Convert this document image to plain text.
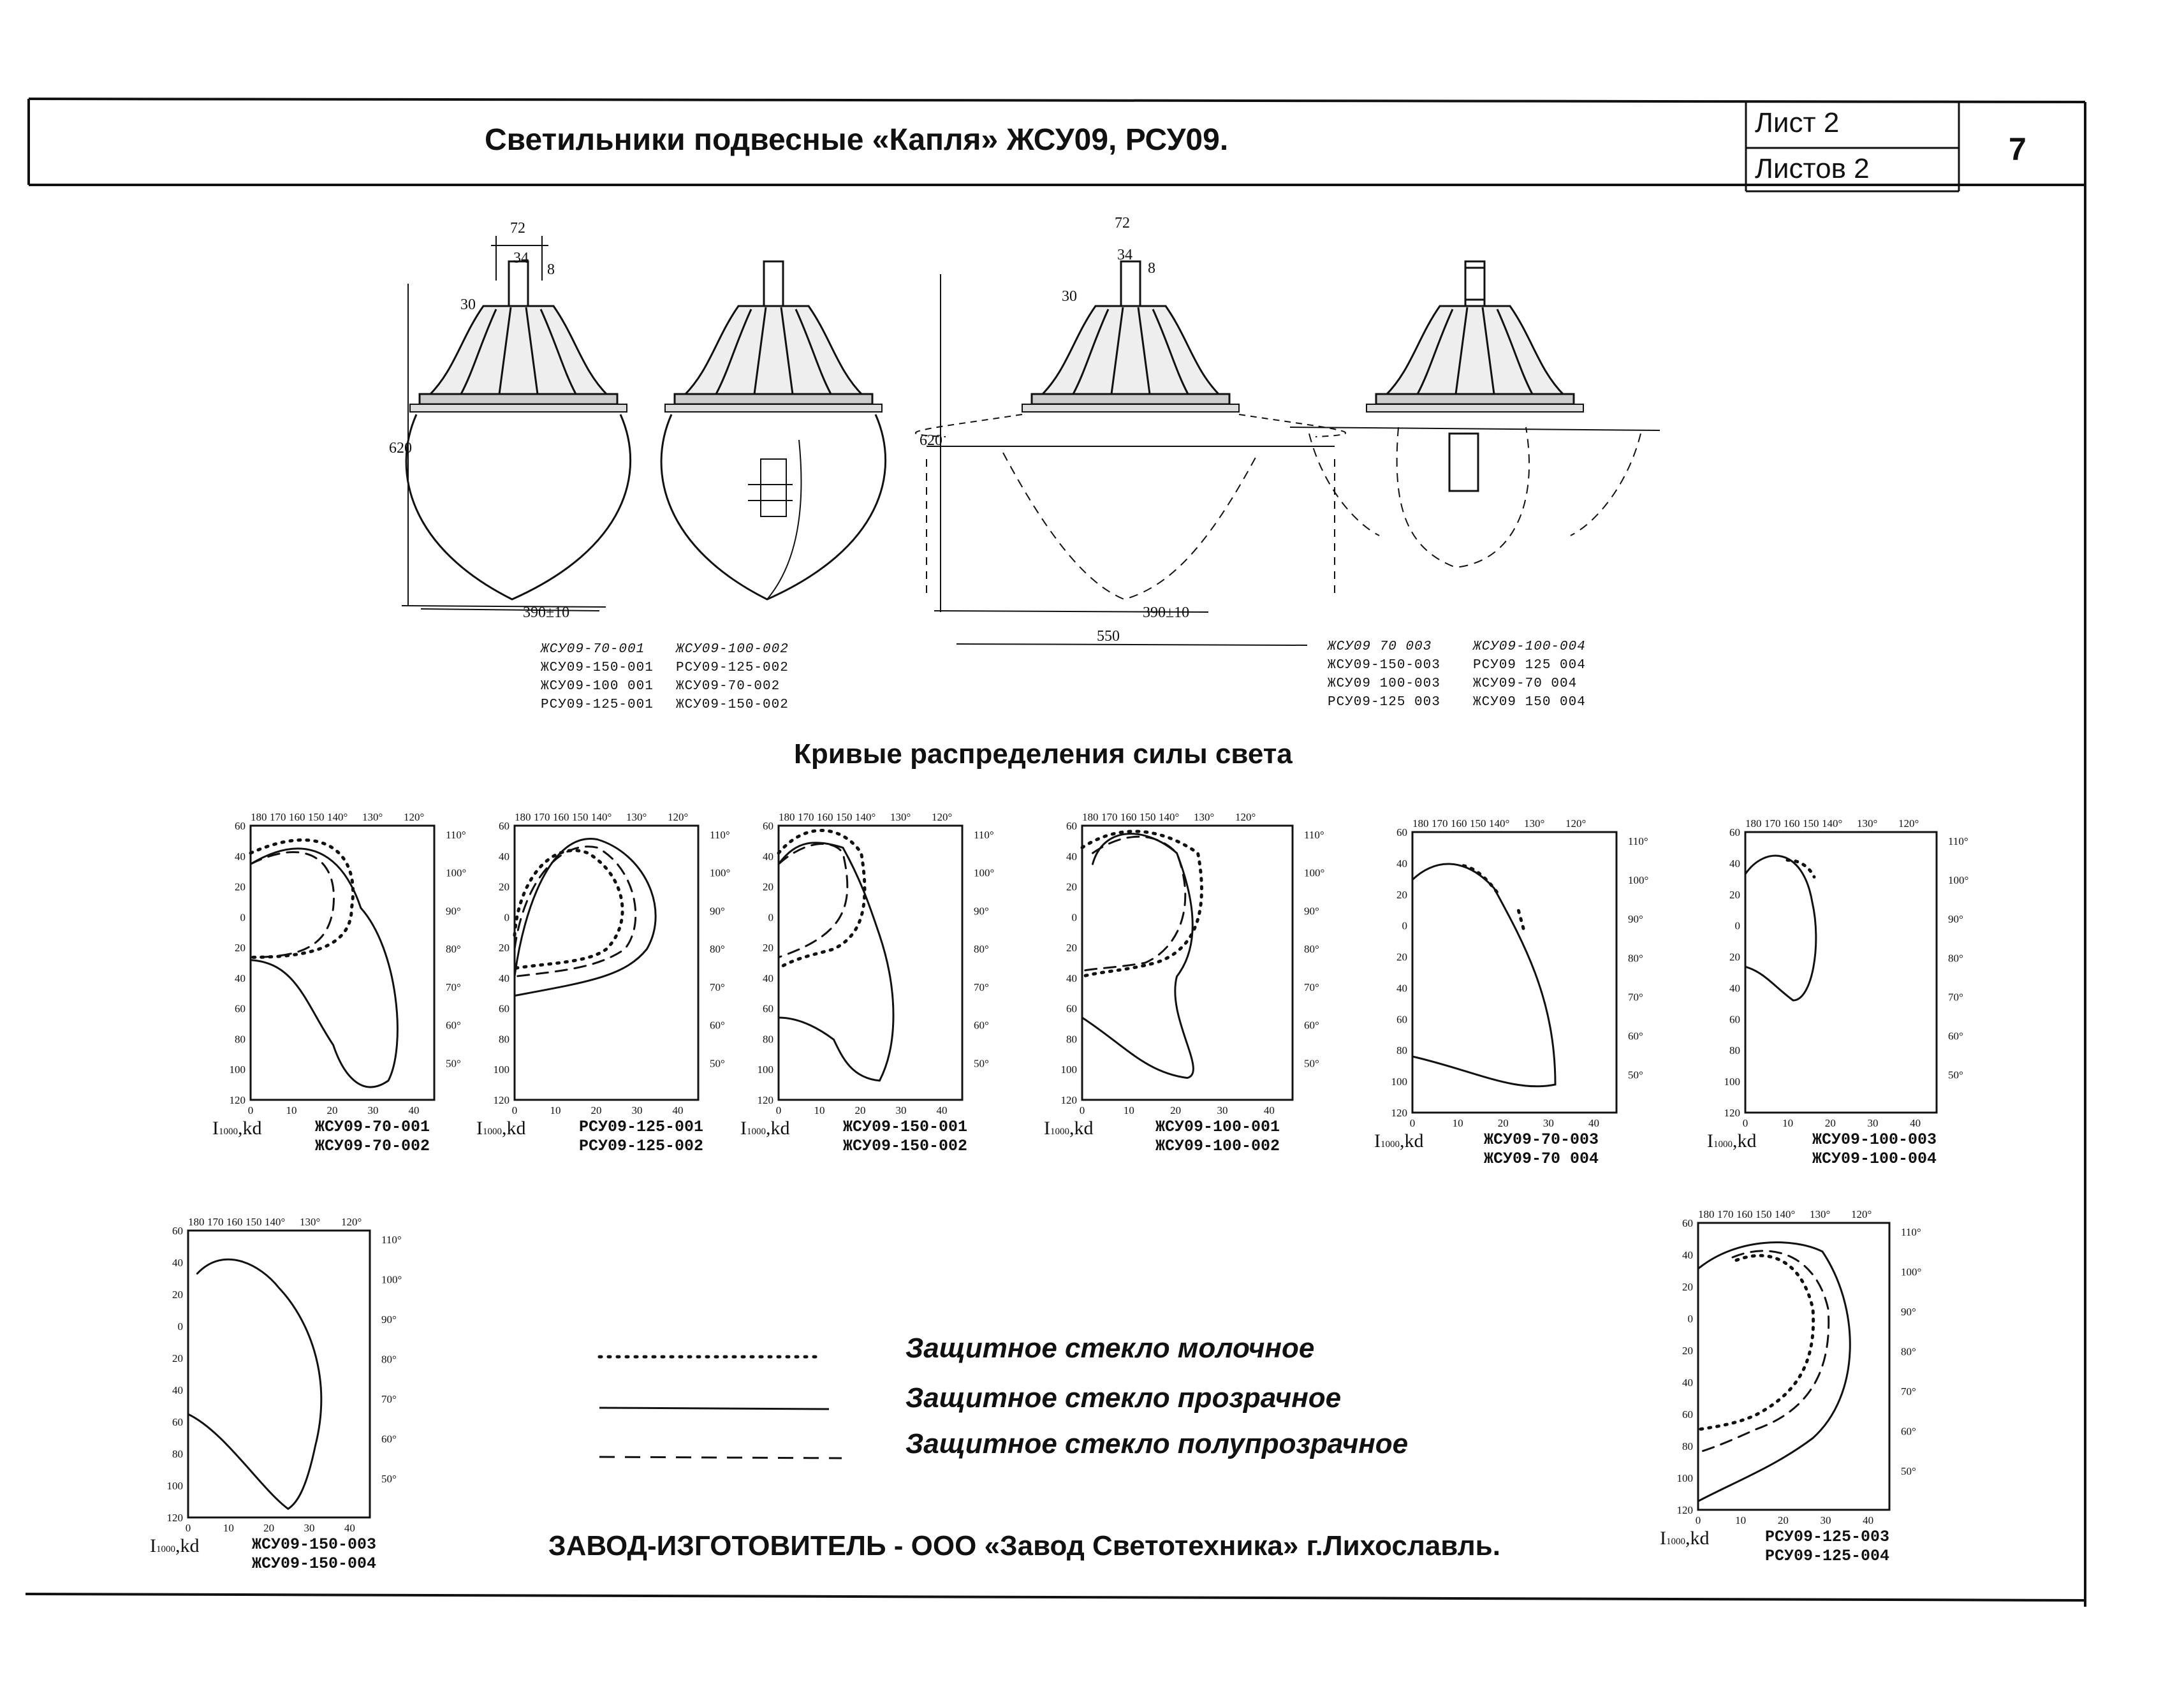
Светильники подвесные «Капля» ЖСУ09, РСУ09.
Лист 2
Листов 2
7
72
34
8
30
620
390±10
72
34
8
30
620
390±10
550
ЖСУ09-70-001
ЖСУ09-150-001
ЖСУ09-100 001
РСУ09-125-001
ЖСУ09-100-002
РСУ09-125-002
ЖСУ09-70-002
ЖСУ09-150-002
ЖСУ09 70 003
ЖСУ09-150-003
ЖСУ09 100-003
РСУ09-125 003
ЖСУ09-100-004
РСУ09 125 004
ЖСУ09-70 004
ЖСУ09 150 004
Кривые распределения силы света
60
40
20
0
20
40
60
80
100
120
0	10	20	30	40
110°
100°
90°
80°
70°
60°
50°
180 170 160 150 140° 130° 120°
60
40
20
0
20
40
60
80
100
120
0	10	20	30	40
110°
100°
90°
80°
70°
60°
50°
180 170 160 150 140° 130° 120°
60
40
20
0
20
40
60
80
100
120
0	10	20	30	40
110°
100°
90°
80°
70°
60°
50°
180 170 160 150 140° 130° 120°
60
40
20
0
20
40
60
80
100
120
0	10	20	30	40
110°
100°
90°
80°
70°
60°
50°
180 170 160 150 140° 130° 120°
60
40
20
0
20
40
60
80
100
120
0	10	20	30	40
110°
100°
90°
80°
70°
60°
50°
180 170 160 150 140° 130° 120°
60
40
20
0
20
40
60
80
100
120
0	10	20	30	40
110°
100°
90°
80°
70°
60°
50°
180 170 160 150 140° 130° 120°
60
40
20
0
20
40
60
80
100
120
0	10	20	30	40
110°
100°
90°
80°
70°
60°
50°
180 170 160 150 140° 130° 120°	60
40
20
0
20
40
60
80
100
120
0	10	20	30	40
110°
100°
90°
80°
70°
60°
50°
180 170 160 150 140° 130° 120°
I1000,kd	ЖСУ09-70-001
ЖСУ09-70-002
I1000,kd	РСУ09-125-001
РСУ09-125-002
I1000,kd	ЖСУ09-150-001
ЖСУ09-150-002
I1000,kd	ЖСУ09-100-001
ЖСУ09-100-002	I1000,kd	ЖСУ09-70-003
ЖСУ09-70 004
I1000,kd	ЖСУ09-100-003
ЖСУ09-100-004
I1000,kd	ЖСУ09-150-003
ЖСУ09-150-004
I1000,kd	РСУ09-125-003
РСУ09-125-004
Защитное стекло молочное
Защитное стекло прозрачное
Защитное стекло полупрозрачное
ЗАВОД-ИЗГОТОВИТЕЛЬ - ООО «Завод Светотехника» г.Лихославль.
